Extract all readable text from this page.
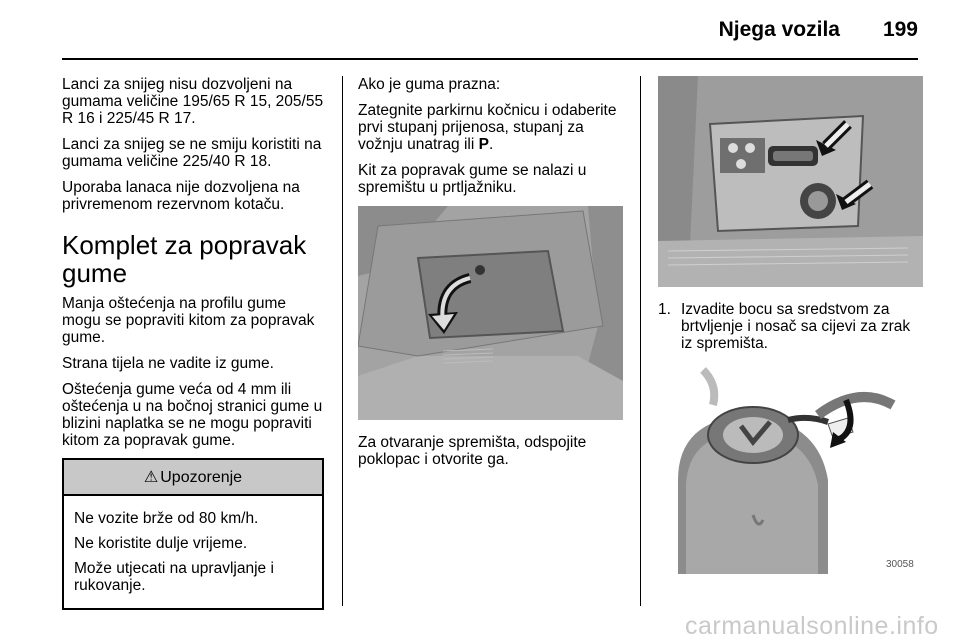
Njega vozila 199

Lanci za snijeg nisu dozvoljeni na gumama veličine 195/65 R 15, 205/55 R 16 i 225/45 R 17.

Lanci za snijeg se ne smiju koristiti na gumama veličine 225/40 R 18.

Uporaba lanaca nije dozvoljena na privremenom rezervnom kotaču.

Komplet za popravak gume

Manja oštećenja na profilu gume mogu se popraviti kitom za popravak gume.

Strana tijela ne vadite iz gume.

Oštećenja gume veća od 4 mm ili oštećenja u na bočnoj stranici gume u blizini naplatka se ne mogu popraviti kitom za popravak gume.

⚠ Upozorenje

Ne vozite brže od 80 km/h.

Ne koristite dulje vrijeme.

Može utjecati na upravljanje i rukovanje.

Ako je guma prazna:

Zategnite parkirnu kočnicu i odaberite prvi stupanj prijenosa, stupanj za vožnju unatrag ili P.

Kit za popravak gume se nalazi u spremištu u prtljažniku.

Za otvaranje spremišta, odspojite poklopac i otvorite ga.

1. Izvadite bocu sa sredstvom za brtvljenje i nosač sa cijevi za zrak iz spremišta.
30058
carmanualsonline.info
